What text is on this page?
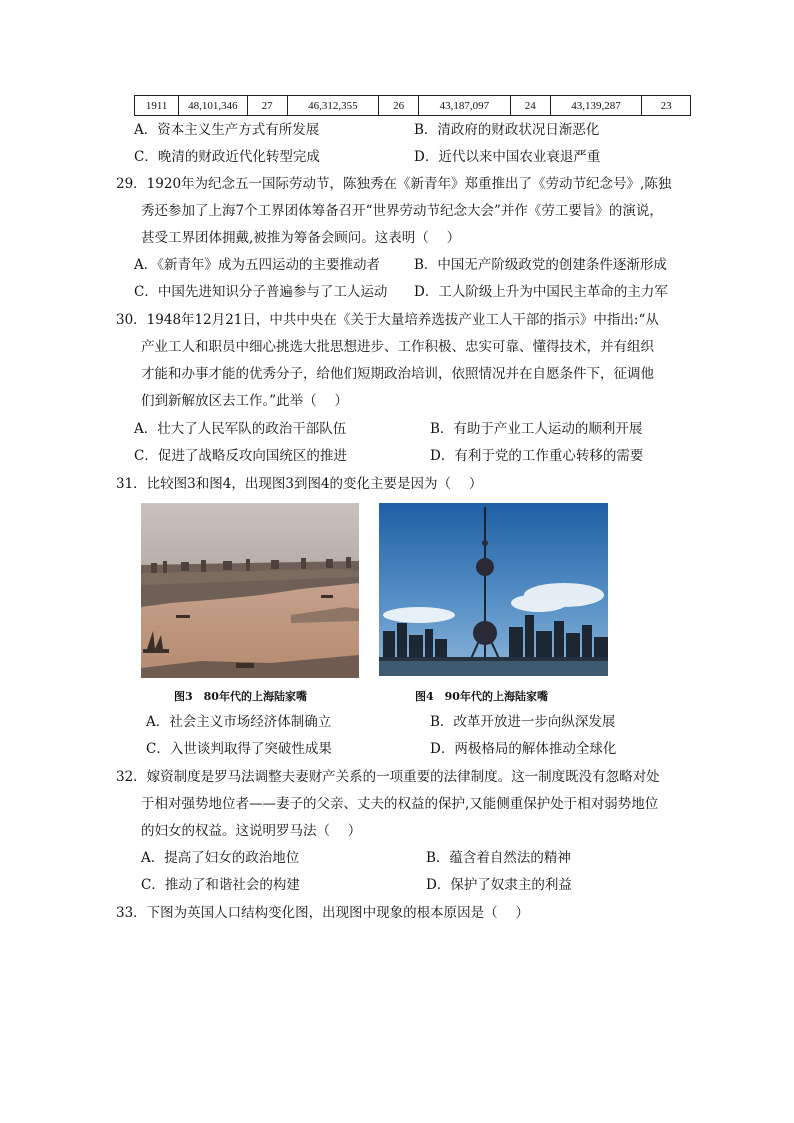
1911	48,101,346	27	46,312,355	26	43,187,097	24	43,139,287	23
A．资本主义生产方式有所发展	B．清政府的财政状况日渐恶化
C．晚清的财政近代化转型完成	D．近代以来中国农业衰退严重
29．1920年为纪念五一国际劳动节，陈独秀在《新青年》郑重推出了《劳动节纪念号》,陈独
秀还参加了上海7个工界团体筹备召开“世界劳动节纪念大会”并作《劳工要旨》的演说，
甚受工界团体拥戴,被推为筹备会顾问。这表明（　 ）
A．《新青年》成为五四运动的主要推动者	B．中国无产阶级政党的创建条件逐渐形成
C．中国先进知识分子普遍参与了工人运动 D．工人阶级上升为中国民主革命的主力军
30．1948年12月21日，中共中央在《关于大量培养选拔产业工人干部的指示》中指出:“从
产业工人和职员中细心挑选大批思想进步、工作积极、忠实可靠、懂得技术，并有组织
才能和办事才能的优秀分子，给他们短期政治培训，依照情况并在自愿条件下，征调他
们到新解放区去工作。”此举（　 ）
A．壮大了人民军队的政治干部队伍	B．有助于产业工人运动的顺利开展
C．促进了战略反攻向国统区的推进	D．有利于党的工作重心转移的需要
31．比较图3和图4，出现图3到图4的变化主要是因为（　 ）
图3　80年代的上海陆家嘴	图4　90年代的上海陆家嘴
A．社会主义市场经济体制确立	B．改革开放进一步向纵深发展
C．入世谈判取得了突破性成果	D．两极格局的解体推动全球化
32．嫁资制度是罗马法调整夫妻财产关系的一项重要的法律制度。这一制度既没有忽略对处
于相对强势地位者——妻子的父亲、丈夫的权益的保护,又能侧重保护处于相对弱势地位
的妇女的权益。这说明罗马法（　 ）
A．提高了妇女的政治地位	B．蕴含着自然法的精神
C．推动了和谐社会的构建	D．保护了奴隶主的利益
33．下图为英国人口结构变化图，出现图中现象的根本原因是（　 ）
